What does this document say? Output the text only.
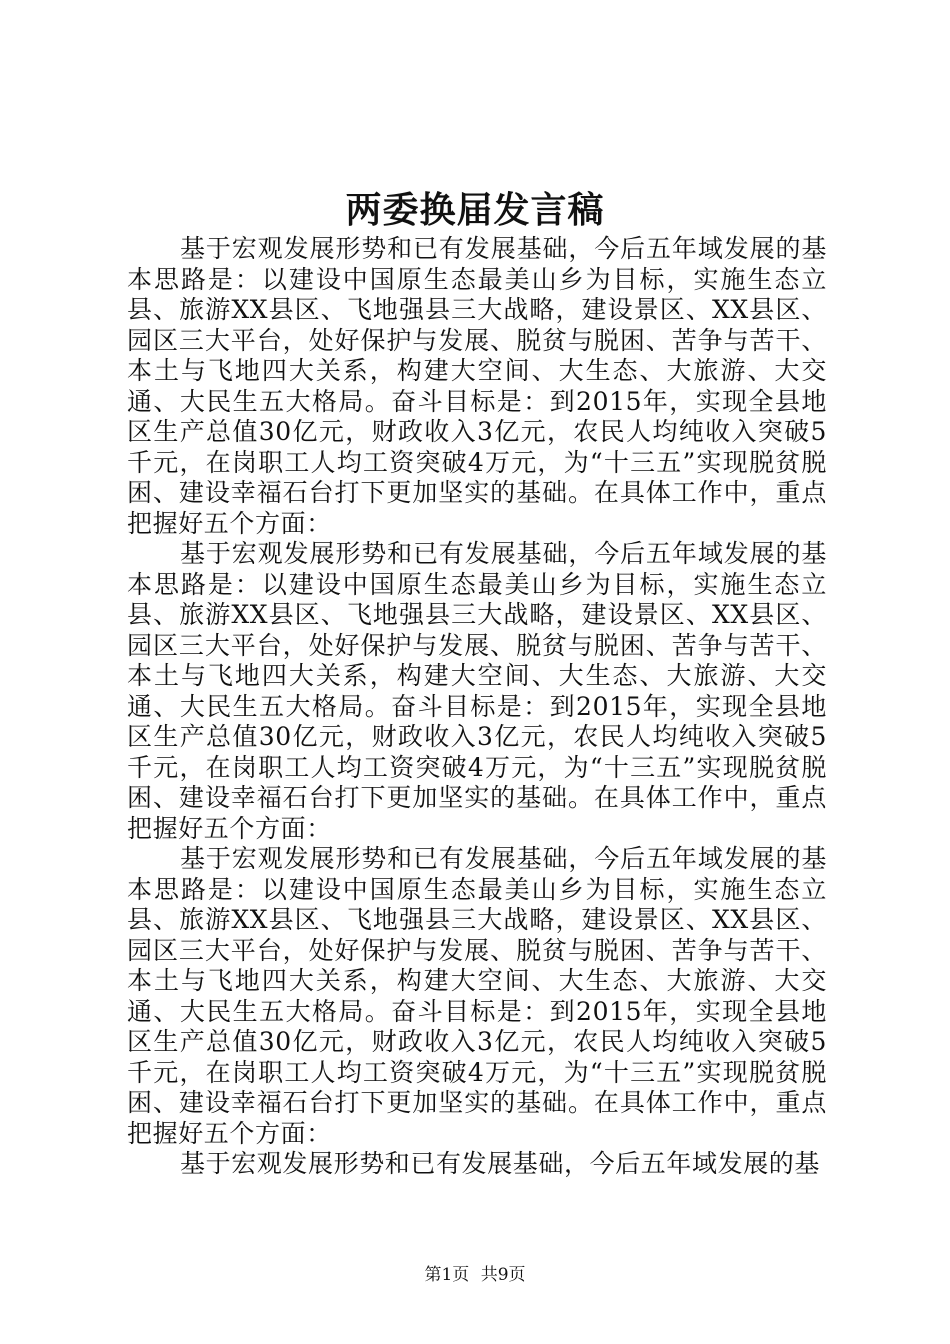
两委换届发言稿

基于宏观发展形势和已有发展基础，今后五年域发展的基本思路是：以建设中国原生态最美山乡为目标，实施生态立县、旅游XX县区、飞地强县三大战略，建设景区、XX县区、园区三大平台，处好保护与发展、脱贫与脱困、苦争与苦干、本土与飞地四大关系，构建大空间、大生态、大旅游、大交通、大民生五大格局。奋斗目标是：到2015年，实现全县地区生产总值30亿元，财政收入3亿元，农民人均纯收入突破5千元，在岗职工人均工资突破4万元，为“十三五”实现脱贫脱困、建设幸福石台打下更加坚实的基础。在具体工作中，重点把握好五个方面：

基于宏观发展形势和已有发展基础，今后五年域发展的基本思路是：以建设中国原生态最美山乡为目标，实施生态立县、旅游XX县区、飞地强县三大战略，建设景区、XX县区、园区三大平台，处好保护与发展、脱贫与脱困、苦争与苦干、本土与飞地四大关系，构建大空间、大生态、大旅游、大交通、大民生五大格局。奋斗目标是：到2015年，实现全县地区生产总值30亿元，财政收入3亿元，农民人均纯收入突破5千元，在岗职工人均工资突破4万元，为“十三五”实现脱贫脱困、建设幸福石台打下更加坚实的基础。在具体工作中，重点把握好五个方面：

基于宏观发展形势和已有发展基础，今后五年域发展的基本思路是：以建设中国原生态最美山乡为目标，实施生态立县、旅游XX县区、飞地强县三大战略，建设景区、XX县区、园区三大平台，处好保护与发展、脱贫与脱困、苦争与苦干、本土与飞地四大关系，构建大空间、大生态、大旅游、大交通、大民生五大格局。奋斗目标是：到2015年，实现全县地区生产总值30亿元，财政收入3亿元，农民人均纯收入突破5千元，在岗职工人均工资突破4万元，为“十三五”实现脱贫脱困、建设幸福石台打下更加坚实的基础。在具体工作中，重点把握好五个方面：

基于宏观发展形势和已有发展基础，今后五年域发展的基

第1页 共9页
